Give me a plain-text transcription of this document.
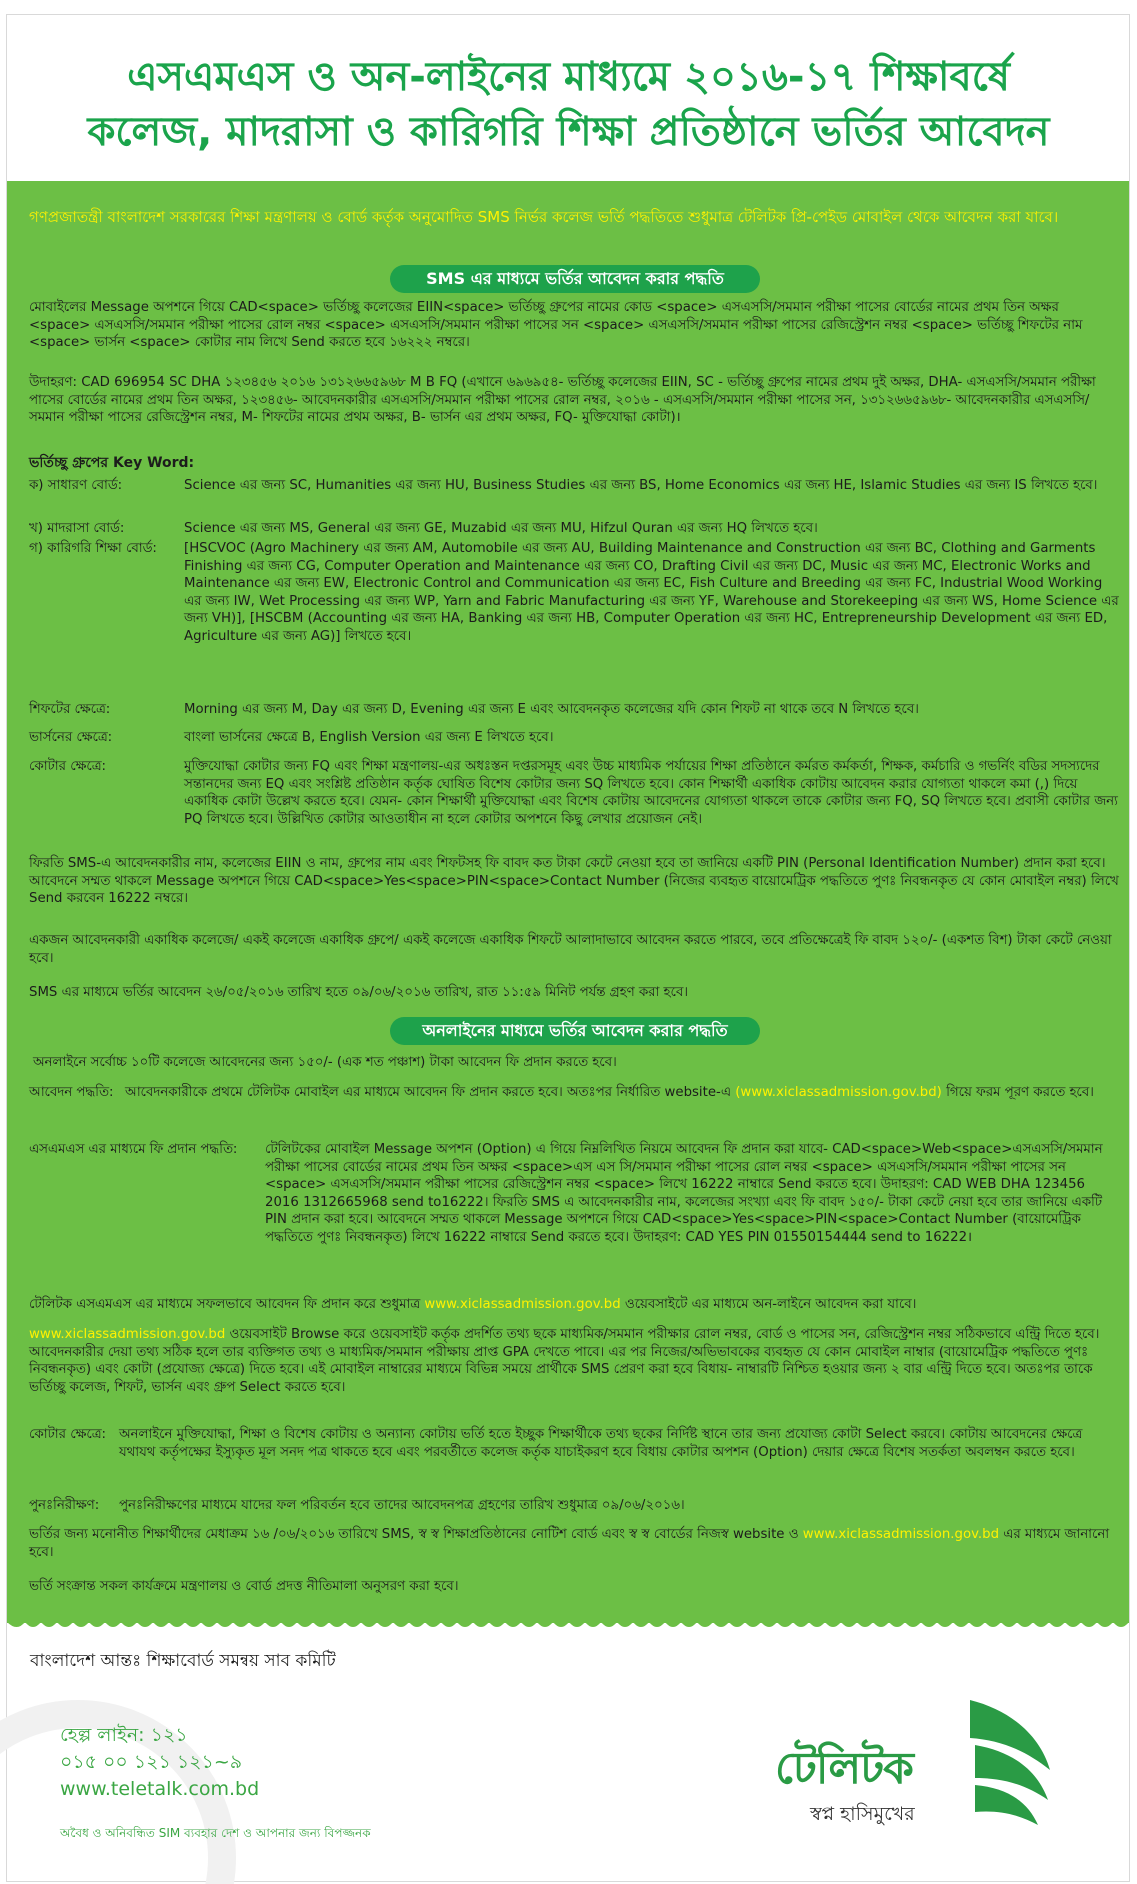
এসএমএস ও অন-লাইনের মাধ্যমে ২০১৬-১৭ শিক্ষাবর্ষে
কলেজ, মাদরাসা ও কারিগরি শিক্ষা প্রতিষ্ঠানে ভর্তির আবেদন
গণপ্রজাতন্ত্রী বাংলাদেশ সরকারের শিক্ষা মন্ত্রণালয় ও বোর্ড কর্তৃক অনুমোদিত SMS নির্ভর কলেজ ভর্তি পদ্ধতিতে শুধুমাত্র টেলিটক প্রি-পেইড মোবাইল থেকে আবেদন করা যাবে।
SMS এর মাধ্যমে ভর্তির আবেদন করার পদ্ধতি
মোবাইলের Message অপশনে গিয়ে CAD<space> ভর্তিচ্ছু কলেজের EIIN<space> ভর্তিচ্ছু গ্রুপের নামের কোড <space> এসএসসি/সমমান পরীক্ষা পাসের বোর্ডের নামের প্রথম তিন অক্ষর <space> এসএসসি/সমমান পরীক্ষা পাসের রোল নম্বর <space> এসএসসি/সমমান পরীক্ষা পাসের সন <space> এসএসসি/সমমান পরীক্ষা পাসের রেজিস্ট্রেশন নম্বর <space> ভর্তিচ্ছু শিফটের নাম <space> ভার্সন <space> কোটার নাম লিখে Send করতে হবে ১৬২২২ নম্বরে।
উদাহরণ: CAD 696954 SC DHA ১২৩৪৫৬ ২০১৬ ১৩১২৬৬৫৯৬৮ M B FQ (এখানে ৬৯৬৯৫৪- ভর্তিচ্ছু কলেজের EIIN, SC - ভর্তিচ্ছু গ্রুপের নামের প্রথম দুই অক্ষর, DHA- এসএসসি/সমমান পরীক্ষা পাসের বোর্ডের নামের প্রথম তিন অক্ষর, ১২৩৪৫৬- আবেদনকারীর এসএসসি/সমমান পরীক্ষা পাসের রোল নম্বর, ২০১৬ - এসএসসি/সমমান পরীক্ষা পাসের সন, ১৩১২৬৬৫৯৬৮- আবেদনকারীর এসএসসি/সমমান পরীক্ষা পাসের রেজিস্ট্রেশন নম্বর, M- শিফটের নামের প্রথম অক্ষর, B- ভার্সন এর প্রথম অক্ষর, FQ- মুক্তিযোদ্ধা কোটা)।
ভর্তিচ্ছু গ্রুপের Key Word:
ক) সাধারণ বোর্ড:	Science এর জন্য SC, Humanities এর জন্য HU, Business Studies এর জন্য BS, Home Economics এর জন্য HE, Islamic Studies এর জন্য IS লিখতে হবে।
খ) মাদরাসা বোর্ড:	Science এর জন্য MS, General এর জন্য GE, Muzabid এর জন্য MU, Hifzul Quran এর জন্য HQ লিখতে হবে।
গ) কারিগরি শিক্ষা বোর্ড:	[HSCVOC (Agro Machinery এর জন্য AM, Automobile এর জন্য AU, Building Maintenance and Construction এর জন্য BC, Clothing and Garments Finishing এর জন্য CG, Computer Operation and Maintenance এর জন্য CO, Drafting Civil এর জন্য DC, Music এর জন্য MC, Electronic Works and Maintenance এর জন্য EW, Electronic Control and Communication এর জন্য EC, Fish Culture and Breeding এর জন্য FC, Industrial Wood Working এর জন্য IW, Wet Processing এর জন্য WP, Yarn and Fabric Manufacturing এর জন্য YF, Warehouse and Storekeeping এর জন্য WS, Home Science এর জন্য VH)], [HSCBM (Accounting এর জন্য HA, Banking এর জন্য HB, Computer Operation এর জন্য HC, Entrepreneurship Development এর জন্য ED, Agriculture এর জন্য AG)] লিখতে হবে।
শিফটের ক্ষেত্রে:	Morning এর জন্য M, Day এর জন্য D, Evening এর জন্য E এবং আবেদনকৃত কলেজের যদি কোন শিফট না থাকে তবে N লিখতে হবে।
ভার্সনের ক্ষেত্রে:	বাংলা ভার্সনের ক্ষেত্রে B, English Version এর জন্য E লিখতে হবে।
কোটার ক্ষেত্রে:	মুক্তিযোদ্ধা কোটার জন্য FQ এবং শিক্ষা মন্ত্রণালয়-এর অধঃস্তন দপ্তরসমূহ এবং উচ্চ মাধ্যমিক পর্যায়ের শিক্ষা প্রতিষ্ঠানে কর্মরত কর্মকর্তা, শিক্ষক, কর্মচারি ও গভর্নিং বডির সদস্যদের সন্তানদের জন্য EQ এবং সংশ্লিষ্ট প্রতিষ্ঠান কর্তৃক ঘোষিত বিশেষ কোটার জন্য SQ লিখতে হবে। কোন শিক্ষার্থী একাধিক কোটায় আবেদন করার যোগ্যতা থাকলে কমা (,) দিয়ে একাধিক কোটা উল্লেখ করতে হবে। যেমন- কোন শিক্ষার্থী মুক্তিযোদ্ধা এবং বিশেষ কোটায় আবেদনের যোগ্যতা থাকলে তাকে কোটার জন্য FQ, SQ লিখতে হবে। প্রবাসী কোটার জন্য PQ লিখতে হবে। উল্লিখিত কোটার আওতাধীন না হলে কোটার অপশনে কিছু লেখার প্রয়োজন নেই।
ফিরতি SMS-এ আবেদনকারীর নাম, কলেজের EIIN ও নাম, গ্রুপের নাম এবং শিফটসহ ফি বাবদ কত টাকা কেটে নেওয়া হবে তা জানিয়ে একটি PIN (Personal Identification Number) প্রদান করা হবে। আবেদনে সম্মত থাকলে Message অপশনে গিয়ে CAD<space>Yes<space>PIN<space>Contact Number (নিজের ব্যবহৃত বায়োমেট্রিক পদ্ধতিতে পুণঃ নিবন্ধনকৃত যে কোন মোবাইল নম্বর) লিখে Send করবেন 16222 নম্বরে।
একজন আবেদনকারী একাধিক কলেজে/ একই কলেজে একাধিক গ্রুপে/ একই কলেজে একাধিক শিফটে আলাদাভাবে আবেদন করতে পারবে, তবে প্রতিক্ষেত্রেই ফি বাবদ ১২০/- (একশত বিশ) টাকা কেটে নেওয়া হবে।
SMS এর মাধ্যমে ভর্তির আবেদন ২৬/০৫/২০১৬ তারিখ হতে ০৯/০৬/২০১৬ তারিখ, রাত ১১:৫৯ মিনিট পর্যন্ত গ্রহণ করা হবে।
অনলাইনের মাধ্যমে ভর্তির আবেদন করার পদ্ধতি
অনলাইনে সর্বোচ্চ ১০টি কলেজে আবেদনের জন্য ১৫০/- (এক শত পঞ্চাশ) টাকা আবেদন ফি প্রদান করতে হবে।
আবেদন পদ্ধতি: আবেদনকারীকে প্রথমে টেলিটক মোবাইল এর মাধ্যমে আবেদন ফি প্রদান করতে হবে। অতঃপর নির্ধারিত website-এ (www.xiclassadmission.gov.bd) গিয়ে ফরম পূরণ করতে হবে।
এসএমএস এর মাধ্যমে ফি প্রদান পদ্ধতি:	টেলিটকের মোবাইল Message অপশন (Option) এ গিয়ে নিম্নলিখিত নিয়মে আবেদন ফি প্রদান করা যাবে- CAD<space>Web<space>এসএসসি/সমমান পরীক্ষা পাসের বোর্ডের নামের প্রথম তিন অক্ষর <space>এস এস সি/সমমান পরীক্ষা পাসের রোল নম্বর <space> এসএসসি/সমমান পরীক্ষা পাসের সন <space> এসএসসি/সমমান পরীক্ষা পাসের রেজিস্ট্রেশন নম্বর <space> লিখে 16222 নাম্বারে Send করতে হবে। উদাহরণ: CAD WEB DHA 123456 2016 1312665968 send to16222। ফিরতি SMS এ আবেদনকারীর নাম, কলেজের সংখ্যা এবং ফি বাবদ ১৫০/- টাকা কেটে নেয়া হবে তার জানিয়ে একটি PIN প্রদান করা হবে। আবেদনে সম্মত থাকলে Message অপশনে গিয়ে CAD<space>Yes<space>PIN<space>Contact Number (বায়োমেট্রিক পদ্ধতিতে পুণঃ নিবন্ধনকৃত) লিখে 16222 নাম্বারে Send করতে হবে। উদাহরণ: CAD YES PIN 01550154444 send to 16222।
টেলিটক এসএমএস এর মাধ্যমে সফলভাবে আবেদন ফি প্রদান করে শুধুমাত্র www.xiclassadmission.gov.bd ওয়েবসাইটে এর মাধ্যমে অন-লাইনে আবেদন করা যাবে।
www.xiclassadmission.gov.bd ওয়েবসাইট Browse করে ওয়েবসাইট কর্তৃক প্রদর্শিত তথ্য ছকে মাধ্যমিক/সমমান পরীক্ষার রোল নম্বর, বোর্ড ও পাসের সন, রেজিস্ট্রেশন নম্বর সঠিকভাবে এন্ট্রি দিতে হবে। আবেদনকারীর দেয়া তথ্য সঠিক হলে তার ব্যক্তিগত তথ্য ও মাধ্যমিক/সমমান পরীক্ষায় প্রাপ্ত GPA দেখতে পাবে। এর পর নিজের/অভিভাবকের ব্যবহৃত যে কোন মোবাইল নাম্বার (বায়োমেট্রিক পদ্ধতিতে পুণঃ নিবন্ধনকৃত) এবং কোটা (প্রযোজ্য ক্ষেত্রে) দিতে হবে। এই মোবাইল নাম্বারের মাধ্যমে বিভিন্ন সময়ে প্রার্থীকে SMS প্রেরণ করা হবে বিধায়- নাম্বারটি নিশ্চিত হওয়ার জন্য ২ বার এন্ট্রি দিতে হবে। অতঃপর তাকে ভর্তিচ্ছু কলেজ, শিফট, ভার্সন এবং গ্রুপ Select করতে হবে।
কোটার ক্ষেত্রে: অনলাইনে মুক্তিযোদ্ধা, শিক্ষা ও বিশেষ কোটায় ও অন্যান্য কোটায় ভর্তি হতে ইচ্ছুক শিক্ষার্থীকে তথ্য ছকের নির্দিষ্ট স্থানে তার জন্য প্রযোজ্য কোটা Select করবে। কোটায় আবেদনের ক্ষেত্রে যথাযথ কর্তৃপক্ষের ইস্যুকৃত মূল সনদ পত্র থাকতে হবে এবং পরবর্তীতে কলেজ কর্তৃক যাচাইকরণ হবে বিধায় কোটার অপশন (Option) দেয়ার ক্ষেত্রে বিশেষ সতর্কতা অবলম্বন করতে হবে।
পুনঃনিরীক্ষণ:	পুনঃনিরীক্ষণের মাধ্যমে যাদের ফল পরিবর্তন হবে তাদের আবেদনপত্র গ্রহণের তারিখ শুধুমাত্র ০৯/০৬/২০১৬।
ভর্তির জন্য মনোনীত শিক্ষার্থীদের মেধাক্রম ১৬ /০৬/২০১৬ তারিখে SMS, স্ব স্ব শিক্ষাপ্রতিষ্ঠানের নোটিশ বোর্ড এবং স্ব স্ব বোর্ডের নিজস্ব website ও www.xiclassadmission.gov.bd এর মাধ্যমে জানানো হবে।
ভর্তি সংক্রান্ত সকল কার্যক্রমে মন্ত্রণালয় ও বোর্ড প্রদত্ত নীতিমালা অনুসরণ করা হবে।
বাংলাদেশ আন্তঃ শিক্ষাবোর্ড সমন্বয় সাব কমিটি
হেল্প লাইন: ১২১
০১৫ ০০ ১২১ ১২১~৯
www.teletalk.com.bd
অবৈধ ও অনিবন্ধিত SIM ব্যবহার দেশ ও আপনার জন্য বিপজ্জনক
টেলিটক
স্বপ্ন হাসিমুখের
